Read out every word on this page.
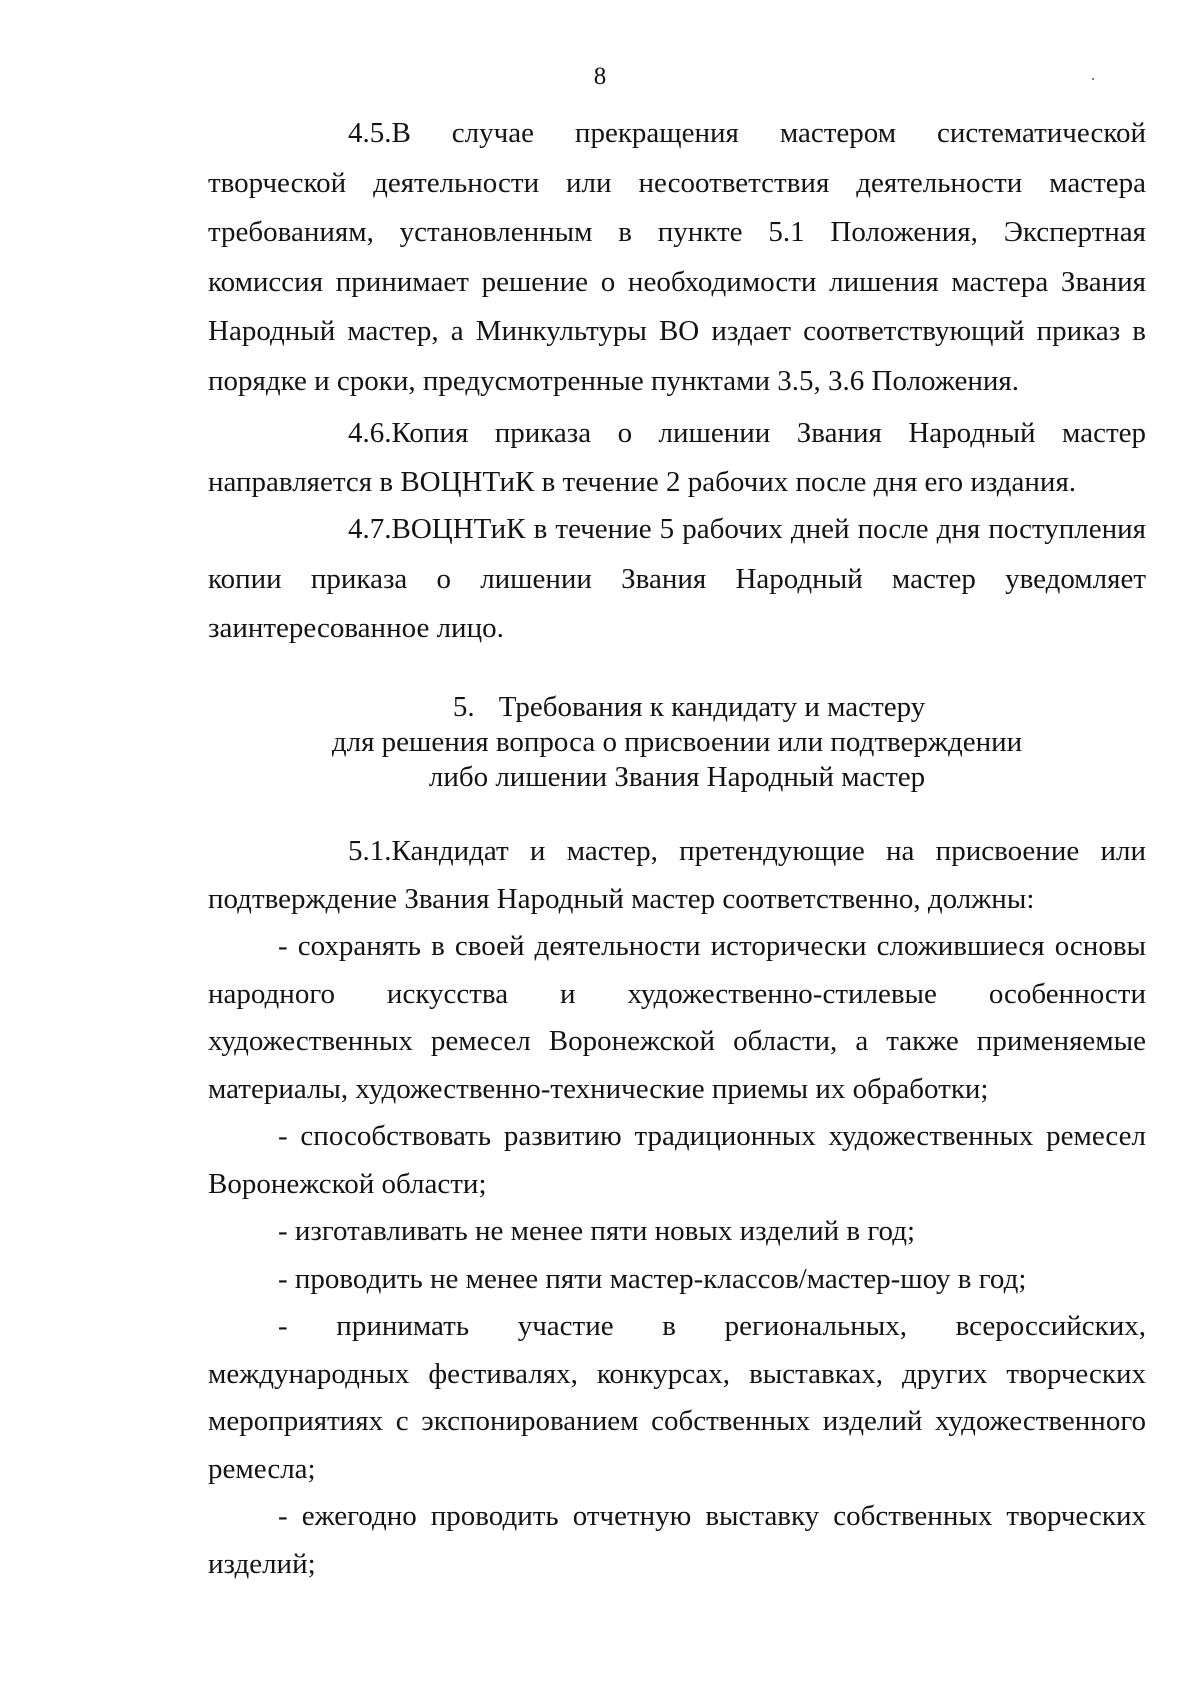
8

4.5.В случае прекращения мастером систематической творческой деятельности или несоответствия деятельности мастера требованиям, установленным в пункте 5.1 Положения, Экспертная комиссия принимает решение о необходимости лишения мастера Звания Народный мастер, а Минкультуры ВО издает соответствующий приказ в порядке и сроки, предусмотренные пунктами 3.5, 3.6 Положения.

4.6.Копия приказа о лишении Звания Народный мастер направляется в ВОЦНТиК в течение 2 рабочих после дня его издания.

4.7.ВОЦНТиК в течение 5 рабочих дней после дня поступления копии приказа о лишении Звания Народный мастер уведомляет заинтересованное лицо.

5. Требования к кандидату и мастеру
для решения вопроса о присвоении или подтверждении
либо лишении Звания Народный мастер

5.1.Кандидат и мастер, претендующие на присвоение или подтверждение Звания Народный мастер соответственно, должны:

- сохранять в своей деятельности исторически сложившиеся основы народного искусства и художественно-стилевые особенности художественных ремесел Воронежской области, а также применяемые материалы, художественно-технические приемы их обработки;

- способствовать развитию традиционных художественных ремесел Воронежской области;

- изготавливать не менее пяти новых изделий в год;

- проводить не менее пяти мастер-классов/мастер-шоу в год;

- принимать участие в региональных, всероссийских, международных фестивалях, конкурсах, выставках, других творческих мероприятиях с экспонированием собственных изделий художественного ремесла;

- ежегодно проводить отчетную выставку собственных творческих изделий;
